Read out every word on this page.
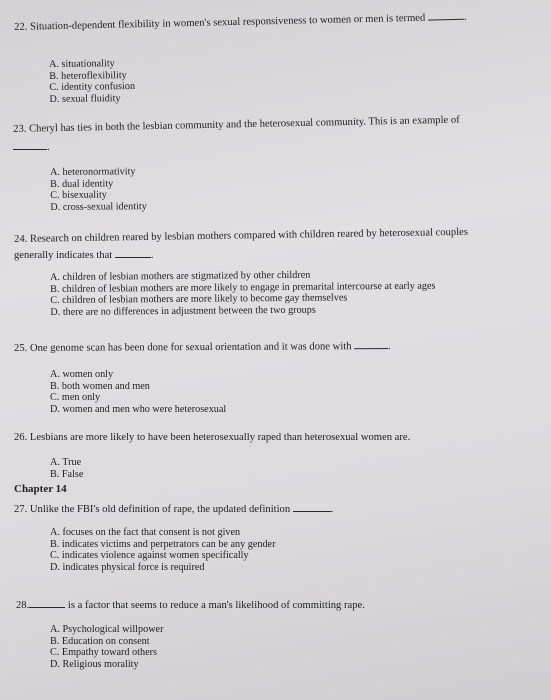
22. Situation-dependent flexibility in women's sexual responsiveness to women or men is termed	.
A. situationality
B. heteroflexibility
C. identity confusion
D. sexual fluidity
23. Cheryl has ties in both the lesbian community and the heterosexual community. This is an example of
.
A. heteronormativity
B. dual identity
C. bisexuality
D. cross-sexual identity
24. Research on children reared by lesbian mothers compared with children reared by heterosexual couples
generally indicates that	.
A. children of lesbian mothers are stigmatized by other children
B. children of lesbian mothers are more likely to engage in premarital intercourse at early ages
C. children of lesbian mothers are more likely to become gay themselves
D. there are no differences in adjustment between the two groups
25. One genome scan has been done for sexual orientation and it was done with	.
A. women only
B. both women and men
C. men only
D. women and men who were heterosexual
26. Lesbians are more likely to have been heterosexually raped than heterosexual women are.
A. True
B. False
Chapter 14
27. Unlike the FBI's old definition of rape, the updated definition	.
A. focuses on the fact that consent is not given
B. indicates victims and perpetrators can be any gender
C. indicates violence against women specifically
D. indicates physical force is required
28.	is a factor that seems to reduce a man's likelihood of committing rape.
A. Psychological willpower
B. Education on consent
C. Empathy toward others
D. Religious morality
